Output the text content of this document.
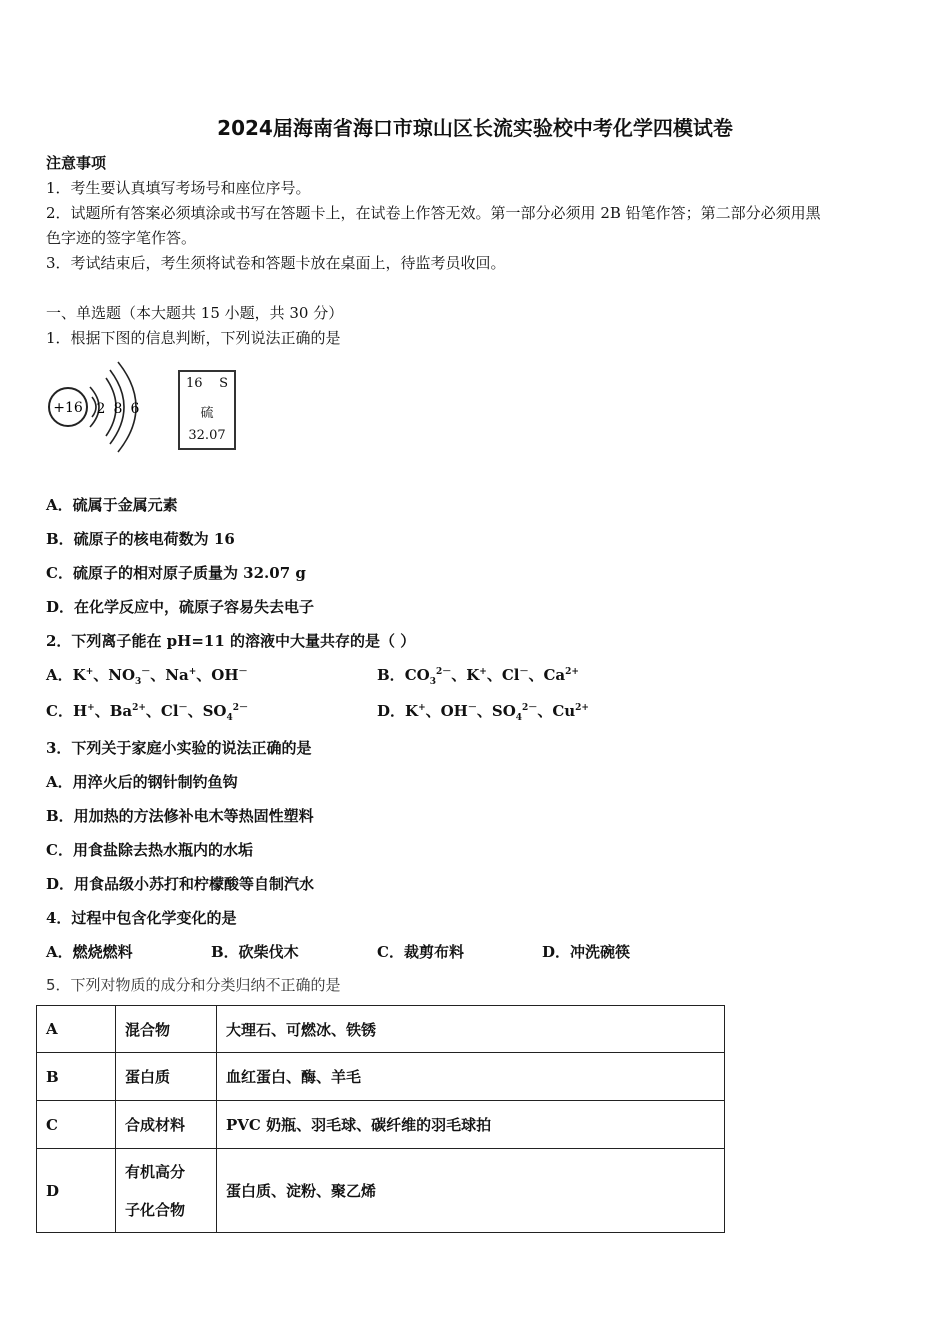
2024届海南省海口市琼山区长流实验校中考化学四模试卷
注意事项
1．考生要认真填写考场号和座位序号。
2．试题所有答案必须填涂或书写在答题卡上，在试卷上作答无效。第一部分必须用 2B 铅笔作答；第二部分必须用黑
色字迹的签字笔作答。
3．考试结束后，考生须将试卷和答题卡放在桌面上，待监考员收回。
一、单选题（本大题共 15 小题，共 30 分）
1．根据下图的信息判断，下列说法正确的是
+16 2 8 6
16 S
硫
32.07
A．硫属于金属元素
B．硫原子的核电荷数为 16
C．硫原子的相对原子质量为 32.07 g
D．在化学反应中，硫原子容易失去电子
2．下列离子能在 pH=11 的溶液中大量共存的是（ ）
A．K+、$NO_3^-$、Na+、OH－	B．$CO_3^{2-}$、K+、Cl－、$Ca^{2+}$
C．H+、$Ba^{2+}$、Cl－、$SO_4^{2-}$	D．K+、OH－、$SO_4^{2-}$、$Cu^{2+}$
3．下列关于家庭小实验的说法正确的是
A．用淬火后的钢针制钓鱼钩
B．用加热的方法修补电木等热固性塑料
C．用食盐除去热水瓶内的水垢
D．用食品级小苏打和柠檬酸等自制汽水
4．过程中包含化学变化的是
A．燃烧燃料	B．砍柴伐木	C．裁剪布料	D．冲洗碗筷
5．下列对物质的成分和分类归纳不正确的是
A	混合物	大理石、可燃冰、铁锈
B	蛋白质	血红蛋白、酶、羊毛
C	合成材料	PVC 奶瓶、羽毛球、碳纤维的羽毛球拍
D	有机高分
子化合物	蛋白质、淀粉、聚乙烯
